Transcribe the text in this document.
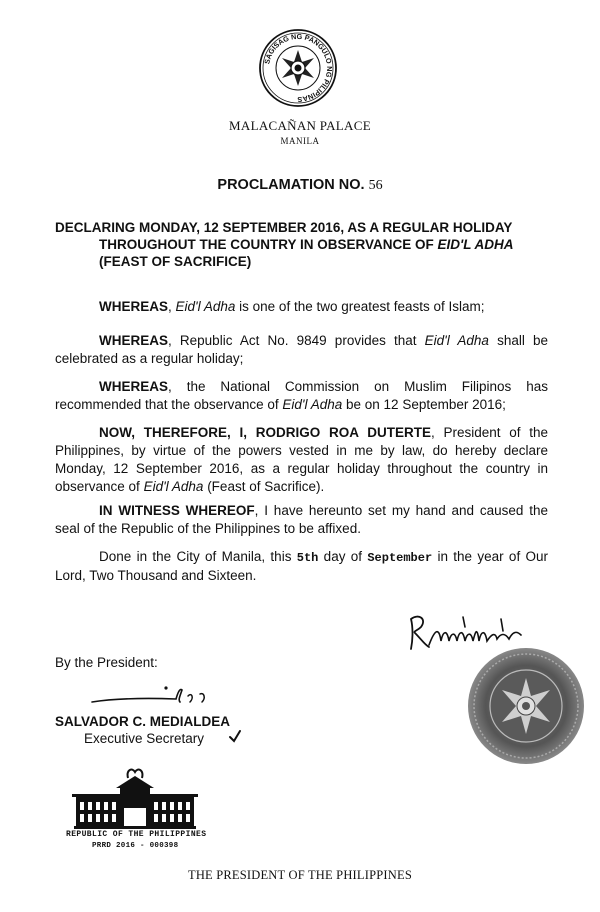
SAGISAG NG PANGULO NG PILIPINAS
MALACAÑAN PALACE
MANILA
PROCLAMATION NO. 56
DECLARING MONDAY, 12 SEPTEMBER 2016, AS A REGULAR HOLIDAY
THROUGHOUT THE COUNTRY IN OBSERVANCE OF EID'L ADHA
(FEAST OF SACRIFICE)
WHEREAS, Eid'l Adha is one of the two greatest feasts of Islam;
WHEREAS, Republic Act No. 9849 provides that Eid'l Adha shall be celebrated as a regular holiday;
WHEREAS, the National Commission on Muslim Filipinos has recommended that the observance of Eid'l Adha be on 12 September 2016;
NOW, THEREFORE, I, RODRIGO ROA DUTERTE, President of the Philippines, by virtue of the powers vested in me by law, do hereby declare Monday, 12 September 2016, as a regular holiday throughout the country in observance of Eid'l Adha (Feast of Sacrifice).
IN WITNESS WHEREOF, I have hereunto set my hand and caused the seal of the Republic of the Philippines to be affixed.
Done in the City of Manila, this 5th day of September in the year of Our Lord, Two Thousand and Sixteen.
By the President:
SALVADOR C. MEDIALDEA
Executive Secretary
REPUBLIC OF THE PHILIPPINES
PRRD 2016 - 000398
THE PRESIDENT OF THE PHILIPPINES
